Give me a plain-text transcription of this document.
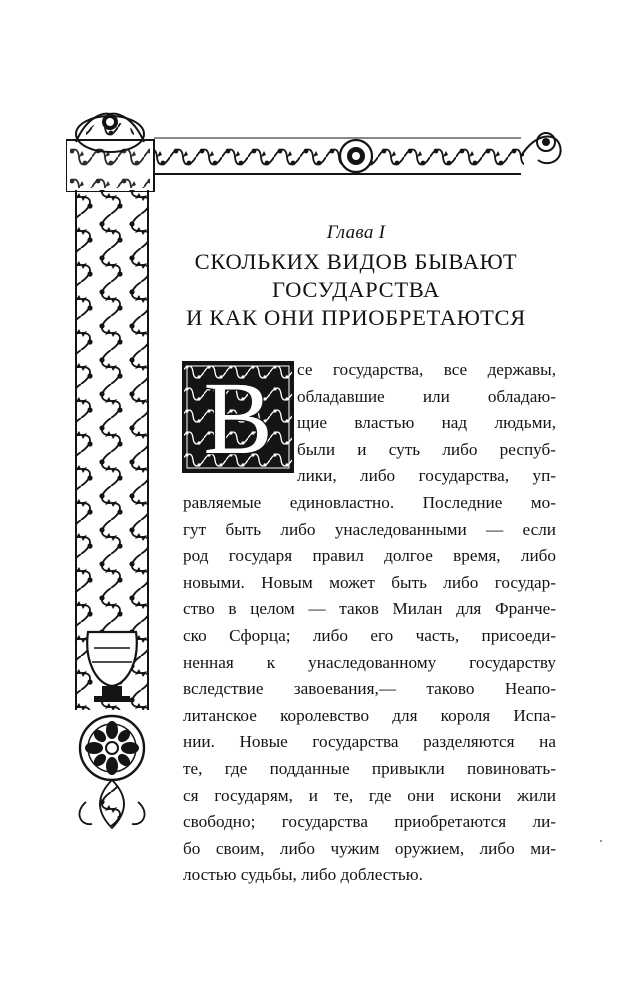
Глава I

СКОЛЬКИХ ВИДОВ БЫВАЮТ
ГОСУДАРСТВА
И КАК ОНИ ПРИОБРЕТАЮТСЯ
В се государства, все державы,
обладавшие или обладаю-
щие властью над людьми,
были и суть либо респуб-
лики, либо государства, уп-
равляемые единовластно. Последние мо-
гут быть либо унаследованными — если
род государя правил долгое время, либо
новыми. Новым может быть либо государ-
ство в целом — таков Милан для Франче-
ско Сфорца; либо его часть, присоеди-
ненная к унаследованному государству
вследствие завоевания,— таково Неапо-
литанское королевство для короля Испа-
нии. Новые государства разделяются на
те, где подданные привыкли повиновать-
ся государям, и те, где они искони жили
свободно; государства приобретаются ли-
бо своим, либо чужим оружием, либо ми-
лостью судьбы, либо доблестью.
